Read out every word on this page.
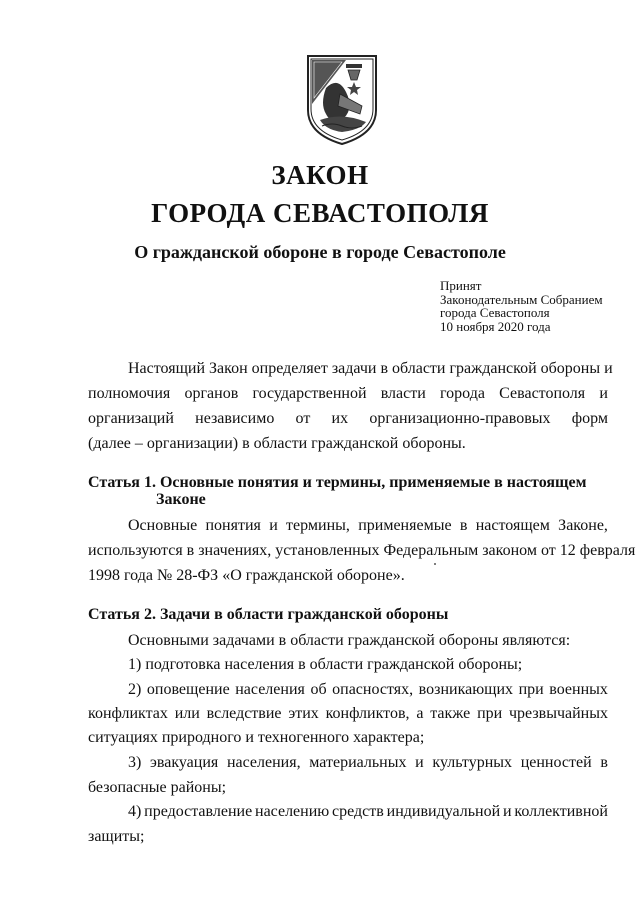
ЗАКОН
ГОРОДА СЕВАСТОПОЛЯ
О гражданской обороне в городе Севастополе
Принят
Законодательным Собранием
города Севастополя
10 ноября 2020 года
Настоящий Закон определяет задачи в области гражданской обороны и
полномочия органов государственной власти города Севастополя и
организаций независимо от их организационно-правовых форм
(далее – организации) в области гражданской обороны.
Статья 1. Основные понятия и термины, применяемые в настоящем
Законе
Основные понятия и термины, применяемые в настоящем Законе,
используются в значениях, установленных Федеральным законом от 12 февраля
1998 года № 28-ФЗ «О гражданской обороне».
Статья 2. Задачи в области гражданской обороны
Основными задачами в области гражданской обороны являются:
1) подготовка населения в области гражданской обороны;
2) оповещение населения об опасностях, возникающих при военных
конфликтах или вследствие этих конфликтов, а также при чрезвычайных
ситуациях природного и техногенного характера;
3) эвакуация населения, материальных и культурных ценностей в
безопасные районы;
4) предоставление населению средств индивидуальной и коллективной
защиты;
